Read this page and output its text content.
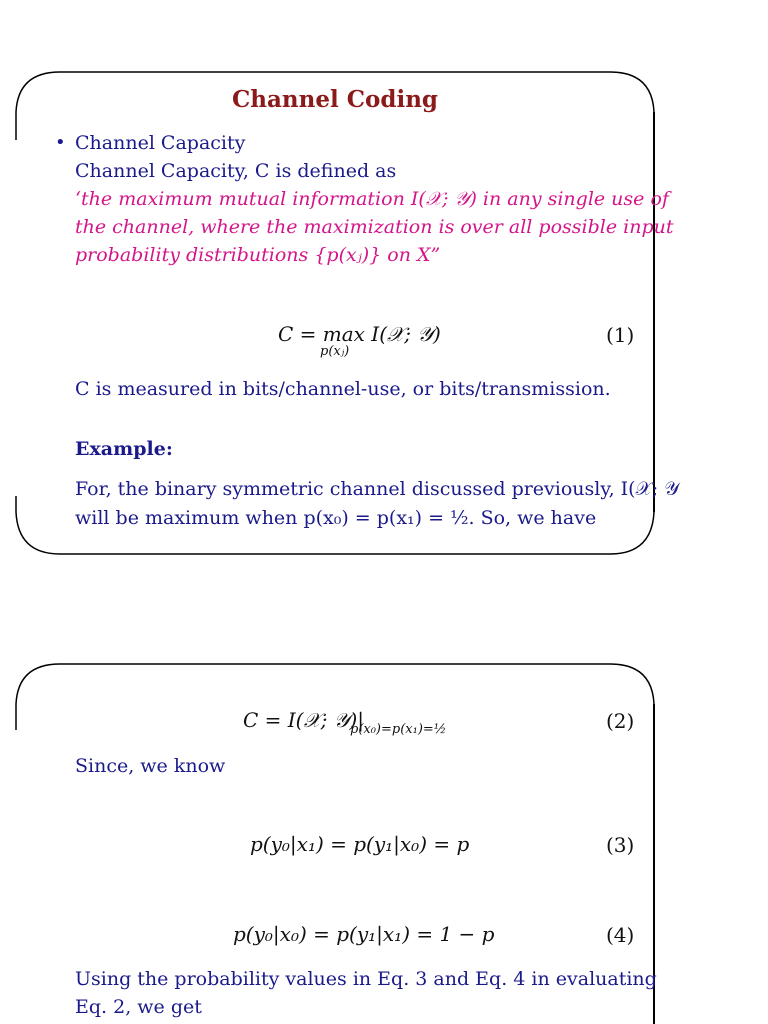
Channel Coding
• Channel Capacity
Channel Capacity, C is defined as
‘the maximum mutual information I(𝒳; 𝒴) in any single use of
the channel, where the maximization is over all possible input
probability distributions {p(xⱼ)} on X”
C = max I(𝒳; 𝒴)
p(xⱼ)
(1)
C is measured in bits/channel-use, or bits/transmission.
Example:
For, the binary symmetric channel discussed previously, I(𝒳; 𝒴
will be maximum when p(x₀) = p(x₁) = ½. So, we have
C = I(𝒳; 𝒴)|
p(x₀)=p(x₁)=½	(2)
Since, we know
p(y₀|x₁) = p(y₁|x₀) = p	(3)
p(y₀|x₀) = p(y₁|x₁) = 1 − p	(4)
Using the probability values in Eq. 3 and Eq. 4 in evaluating
Eq. 2, we get
